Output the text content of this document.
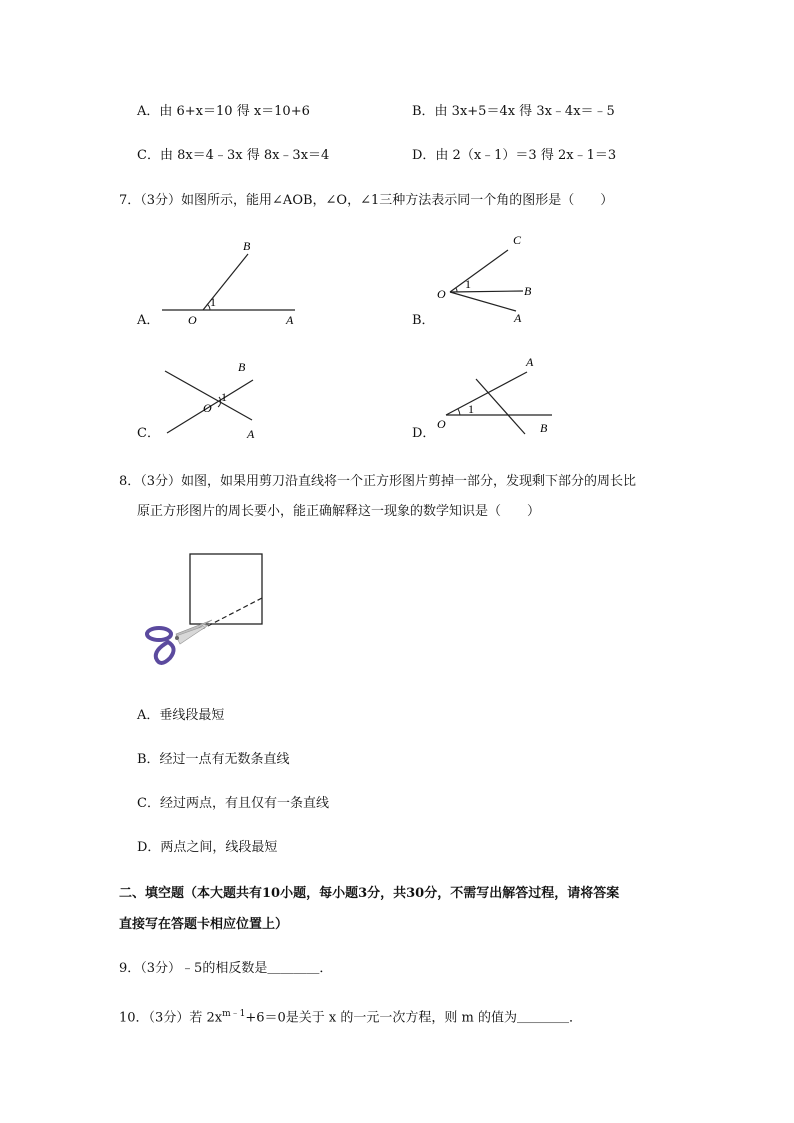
A．由 6+x＝10 得 x＝10+6	B．由 3x+5＝4x 得 3x﹣4x＝﹣5
C．由 8x＝4﹣3x 得 8x﹣3x＝4	D．由 2（x﹣1）＝3 得 2x﹣1＝3
7．（3分）如图所示，能用∠AOB，∠O，∠1三种方法表示同一个角的图形是（　　）
A．
B
1
O	A	B．
C
1
O	B
A
C．
B
1
O
A	D．
A
1
O	B
8．（3分）如图，如果用剪刀沿直线将一个正方形图片剪掉一部分，发现剩下部分的周长比
原正方形图片的周长要小，能正确解释这一现象的数学知识是（　　）
A．垂线段最短
B．经过一点有无数条直线
C．经过两点，有且仅有一条直线
D．两点之间，线段最短
二、填空题（本大题共有10小题，每小题3分，共30分，不需写出解答过程，请将答案
直接写在答题卡相应位置上）
9．（3分）﹣5的相反数是＿＿＿＿．
10．（3分）若 $2x^{m﹣1}+6=0$是关于 x 的一元一次方程，则 m 的值为＿＿＿＿．
